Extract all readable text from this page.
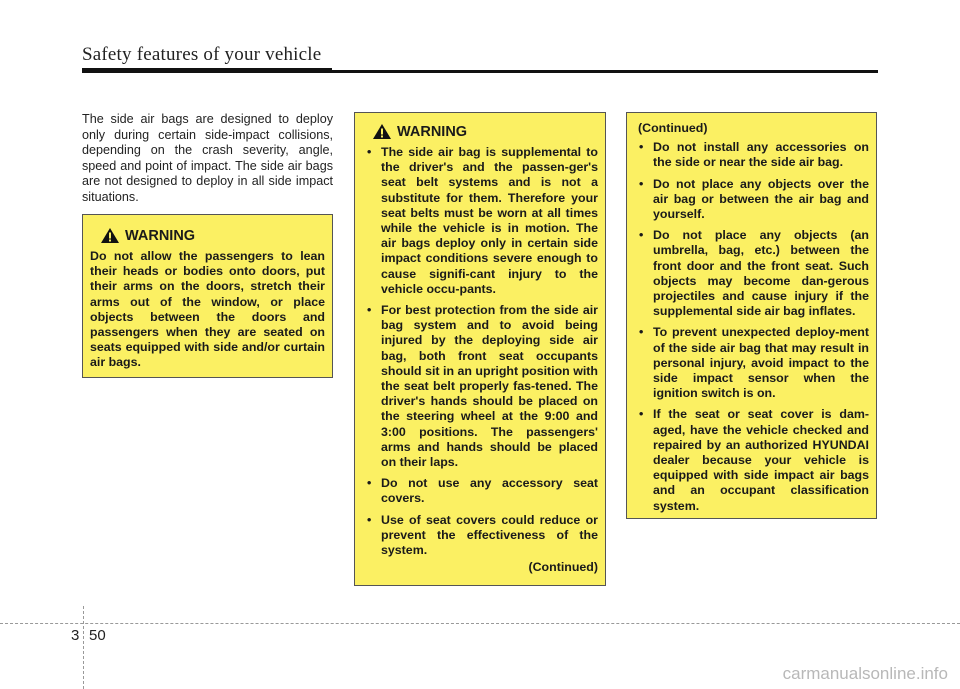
Safety features of your vehicle

The side air bags are designed to deploy only during certain side-impact collisions, depending on the crash severity, angle, speed and point of impact. The side air bags are not designed to deploy in all side impact situations.

WARNING

Do not allow the passengers to lean their heads or bodies onto doors, put their arms on the doors, stretch their arms out of the window, or place objects between the doors and passengers when they are seated on seats equipped with side and/or curtain air bags.

WARNING
• The side air bag is supplemental to the driver's and the passen-ger's seat belt systems and is not a substitute for them. Therefore your seat belts must be worn at all times while the vehicle is in motion. The air bags deploy only in certain side impact conditions severe enough to cause signifi-cant injury to the vehicle occu-pants.
• For best protection from the side air bag system and to avoid being injured by the deploying side air bag, both front seat occupants should sit in an upright position with the seat belt properly fas-tened. The driver's hands should be placed on the steering wheel at the 9:00 and 3:00 positions. The passengers' arms and hands should be placed on their laps.
• Do not use any accessory seat covers.
• Use of seat covers could reduce or prevent the effectiveness of the system.
(Continued)
(Continued)
• Do not install any accessories on the side or near the side air bag.
• Do not place any objects over the air bag or between the air bag and yourself.
• Do not place any objects (an umbrella, bag, etc.) between the front door and the front seat. Such objects may become dan-gerous projectiles and cause injury if the supplemental side air bag inflates.
• To prevent unexpected deploy-ment of the side air bag that may result in personal injury, avoid impact to the side impact sensor when the ignition switch is on.
• If the seat or seat cover is dam-aged, have the vehicle checked and repaired by an authorized HYUNDAI dealer because your vehicle is equipped with side impact air bags and an occupant classification system.
3 50
carmanualsonline.info
